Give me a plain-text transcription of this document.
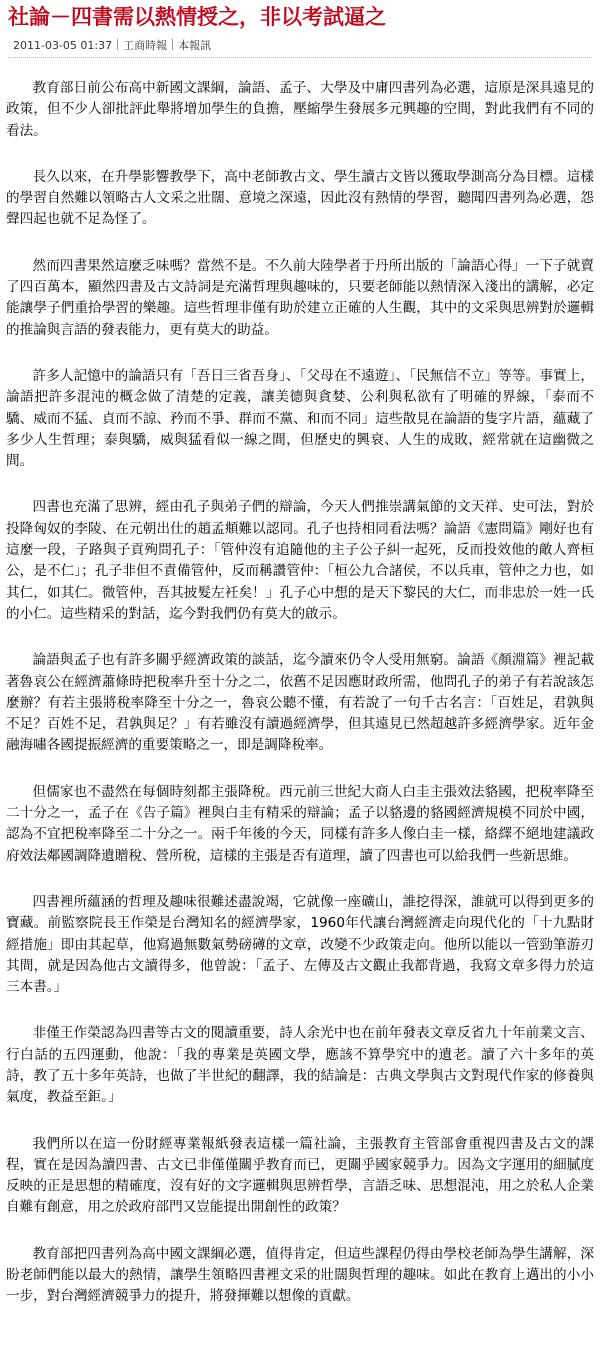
社論－四書需以熱情授之，非以考試逼之
2011-03-05 01:37 工商時報 本報訊

教育部日前公布高中新國文課綱，論語、孟子、大學及中庸四書列為必選，這原是深具遠見的政策，但不少人卻批評此舉將增加學生的負擔，壓縮學生發展多元興趣的空間，對此我們有不同的看法。

長久以來，在升學影響教學下，高中老師教古文、學生讀古文皆以獲取學測高分為目標。這樣的學習自然難以領略古人文采之壯闊、意境之深遠，因此沒有熱情的學習，聽聞四書列為必選，怨聲四起也就不足為怪了。

然而四書果然這麼乏味嗎？當然不是。不久前大陸學者于丹所出版的「論語心得」一下子就賣了四百萬本，顯然四書及古文詩詞是充滿哲理與趣味的，只要老師能以熱情深入淺出的講解，必定能讓學子們重拾學習的樂趣。這些哲理非僅有助於建立正確的人生觀，其中的文采與思辨對於邏輯的推論與言語的發表能力，更有莫大的助益。

許多人記憶中的論語只有「吾日三省吾身」、「父母在不遠遊」、「民無信不立」等等。事實上，論語把許多混沌的概念做了清楚的定義，讓美德與貪婪、公利與私欲有了明確的界線，「泰而不驕、威而不猛、貞而不諒、矜而不爭、群而不黨、和而不同」這些散見在論語的隻字片語，蘊藏了多少人生哲理；泰與驕，威與猛看似一線之間，但歷史的興衰、人生的成敗，經常就在這幽微之間。

四書也充滿了思辨，經由孔子與弟子們的辯論，今天人們推崇講氣節的文天祥、史可法，對於投降匈奴的李陵、在元朝出仕的趙孟頫難以認同。孔子也持相同看法嗎？論語《憲問篇》剛好也有這麼一段，子路與子貢殉問孔子：「管仲沒有追隨他的主子公子糾一起死，反而投效他的敵人齊桓公，是不仁」；孔子非但不責備管仲，反而稱讚管仲：「桓公九合諸侯，不以兵車，管仲之力也，如其仁，如其仁。微管仲，吾其披髮左衽矣！」孔子心中想的是天下黎民的大仁，而非忠於一姓一氏的小仁。這些精采的對話，迄今對我們仍有莫大的啟示。

論語與孟子也有許多關乎經濟政策的談話，迄今讀來仍令人受用無窮。論語《顏淵篇》裡記載著魯哀公在經濟蕭條時把稅率升至十分之二，依舊不足因應財政所需，他問孔子的弟子有若說該怎麼辦？有若主張將稅率降至十分之一，魯哀公聽不懂，有若說了一句千古名言：「百姓足，君孰與不足？百姓不足，君孰與足？」有若雖沒有讀過經濟學，但其遠見已然超越許多經濟學家。近年金融海嘯各國提振經濟的重要策略之一，即是調降稅率。

但儒家也不盡然在每個時刻都主張降稅。西元前三世紀大商人白圭主張效法貉國，把稅率降至二十分之一，孟子在《告子篇》裡與白圭有精采的辯論；孟子以貉邊的貉國經濟規模不同於中國，認為不宜把稅率降至二十分之一。兩千年後的今天，同樣有許多人像白圭一樣，絡繹不絕地建議政府效法鄰國調降遺贈稅、營所稅，這樣的主張是否有道理，讀了四書也可以給我們一些新思維。

四書裡所蘊涵的哲理及趣味很難述盡說竭，它就像一座礦山，誰挖得深，誰就可以得到更多的寶藏。前監察院長王作榮是台灣知名的經濟學家，1960年代讓台灣經濟走向現代化的「十九點財經措施」即由其起草，他寫過無數氣勢磅礡的文章，改變不少政策走向。他所以能以一管勁筆游刃其間，就是因為他古文讀得多，他曾說：「孟子、左傳及古文觀止我都背過，我寫文章多得力於這三本書。」

非僅王作榮認為四書等古文的閱讀重要，詩人余光中也在前年發表文章反省九十年前業文言、行白話的五四運動，他說：「我的專業是英國文學，應該不算學究中的遺老。讀了六十多年的英詩，教了五十多年英詩，也做了半世紀的翻譯，我的結論是：古典文學與古文對現代作家的修養與氣度，教益至鉅。」

我們所以在這一份財經專業報紙發表這樣一篇社論，主張教育主管部會重視四書及古文的課程，實在是因為讀四書、古文已非僅僅關乎教育而已，更關乎國家競爭力。因為文字運用的細膩度反映的正是思想的精確度，沒有好的文字邏輯與思辨哲學，言語乏味、思想混沌，用之於私人企業自難有創意，用之於政府部門又豈能提出開創性的政策？

教育部把四書列為高中國文課綱必選，值得肯定，但這些課程仍得由學校老師為學生講解，深盼老師們能以最大的熱情，讓學生領略四書裡文采的壯闊與哲理的趣味。如此在教育上邁出的小小一步，對台灣經濟競爭力的提升，將發揮難以想像的貢獻。
